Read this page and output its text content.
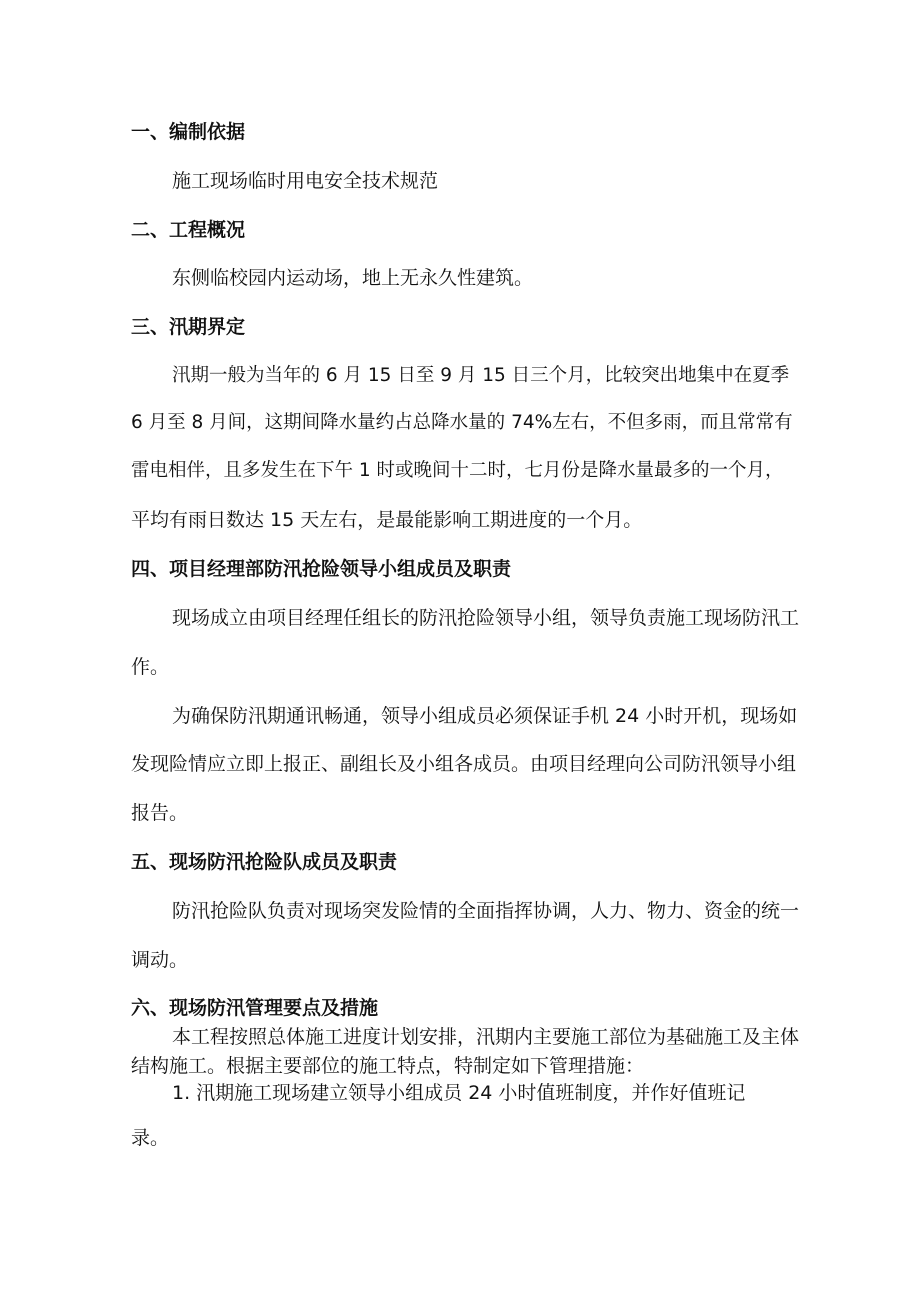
一、编制依据
施工现场临时用电安全技术规范
二、工程概况
东侧临校园内运动场，地上无永久性建筑。
三、汛期界定
汛期一般为当年的 6 月 15 日至 9 月 15 日三个月，比较突出地集中在夏季
6 月至 8 月间，这期间降水量约占总降水量的 74%左右，不但多雨，而且常常有
雷电相伴，且多发生在下午 1 时或晚间十二时，七月份是降水量最多的一个月，
平均有雨日数达 15 天左右，是最能影响工期进度的一个月。
四、项目经理部防汛抢险领导小组成员及职责
现场成立由项目经理任组长的防汛抢险领导小组，领导负责施工现场防汛工
作。
为确保防汛期通讯畅通，领导小组成员必须保证手机 24 小时开机，现场如
发现险情应立即上报正、副组长及小组各成员。由项目经理向公司防汛领导小组
报告。
五、现场防汛抢险队成员及职责
防汛抢险队负责对现场突发险情的全面指挥协调，人力、物力、资金的统一
调动。
六、现场防汛管理要点及措施
本工程按照总体施工进度计划安排，汛期内主要施工部位为基础施工及主体
结构施工。根据主要部位的施工特点，特制定如下管理措施：
1. 汛期施工现场建立领导小组成员 24 小时值班制度，并作好值班记
录。
